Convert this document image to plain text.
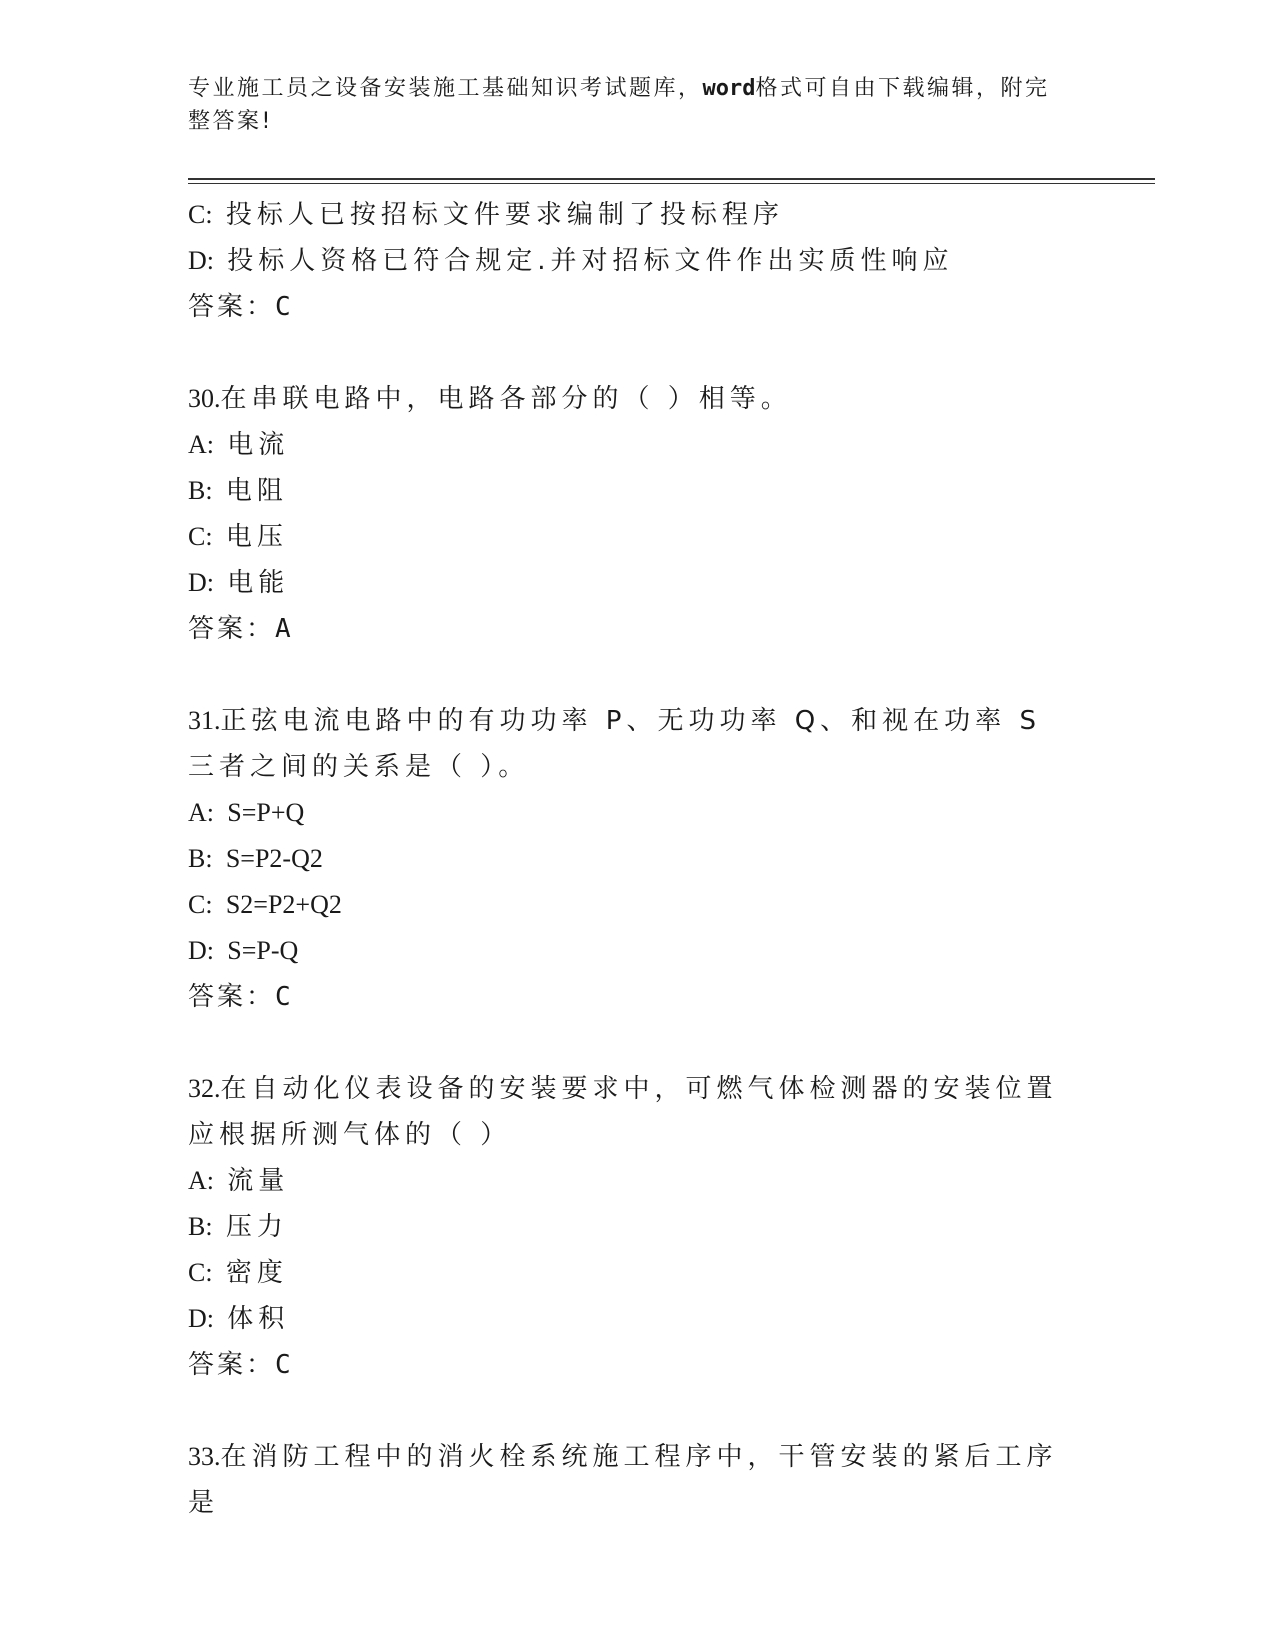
专业施工员之设备安装施工基础知识考试题库，word格式可自由下载编辑，附完整答案!
C: 投标人已按招标文件要求编制了投标程序
D: 投标人资格已符合规定.并对招标文件作出实质性响应
答案：C
30.在串联电路中，电路各部分的（ ）相等。
A: 电流
B: 电阻
C: 电压
D: 电能
答案：A
31.正弦电流电路中的有功功率 P、无功功率 Q、和视在功率 S 三者之间的关系是（ ）。
A: S=P+Q
B: S=P2-Q2
C: S2=P2+Q2
D: S=P-Q
答案：C
32.在自动化仪表设备的安装要求中，可燃气体检测器的安装位置应根据所测气体的（ ）
A: 流量
B: 压力
C: 密度
D: 体积
答案：C
33.在消防工程中的消火栓系统施工程序中，干管安装的紧后工序是
